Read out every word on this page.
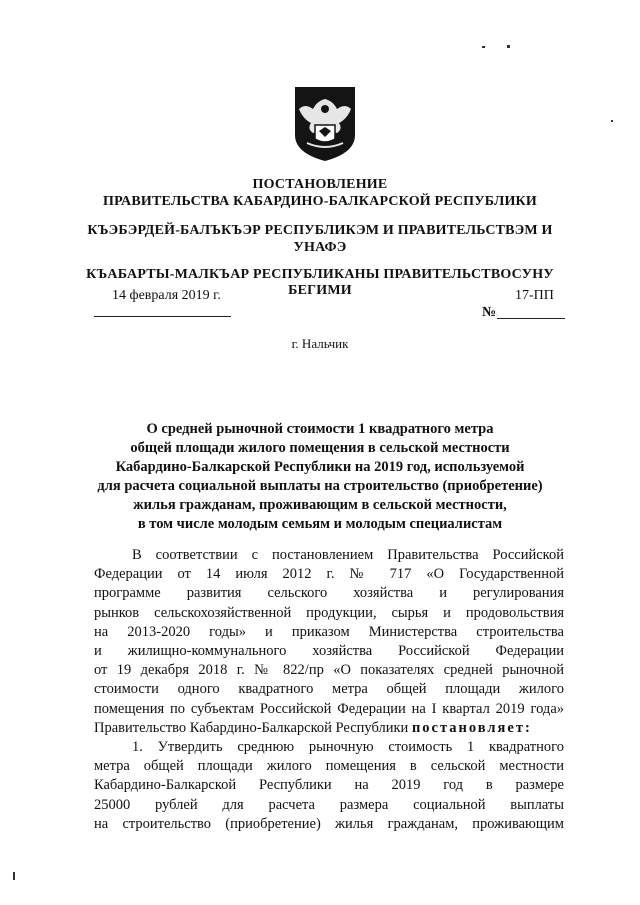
ПОСТАНОВЛЕНИЕ
ПРАВИТЕЛЬСТВА КАБАРДИНО-БАЛКАРСКОЙ РЕСПУБЛИКИ
КЪЭБЭРДЕЙ-БАЛЪКЪЭР РЕСПУБЛИКЭМ И ПРАВИТЕЛЬСТВЭМ И
УНАФЭ
КЪАБАРТЫ-МАЛКЪАР РЕСПУБЛИКАНЫ ПРАВИТЕЛЬСТВОСУНУ
БЕГИМИ
14 февраля 2019 г.	17-ПП
№
г. Нальчик
О средней рыночной стоимости 1 квадратного метра
общей площади жилого помещения в сельской местности
Кабардино-Балкарской Республики на 2019 год, используемой
для расчета социальной выплаты на строительство (приобретение)
жилья гражданам, проживающим в сельской местности,
в том числе молодым семьям и молодым специалистам
В соответствии с постановлением Правительства Российской
Федерации от 14 июля 2012 г. № 717 «О Государственной
программе развития сельского хозяйства и регулирования
рынков сельскохозяйственной продукции, сырья и продовольствия
на 2013-2020 годы» и приказом Министерства строительства
и жилищно-коммунального хозяйства Российской Федерации
от 19 декабря 2018 г. № 822/пр «О показателях средней рыночной
стоимости одного квадратного метра общей площади жилого
помещения по субъектам Российской Федерации на I квартал 2019 года»
Правительство Кабардино-Балкарской Республики постановляет:
1. Утвердить среднюю рыночную стоимость 1 квадратного
метра общей площади жилого помещения в сельской местности
Кабардино-Балкарской Республики на 2019 год в размере
25000 рублей для расчета размера социальной выплаты
на строительство (приобретение) жилья гражданам, проживающим
